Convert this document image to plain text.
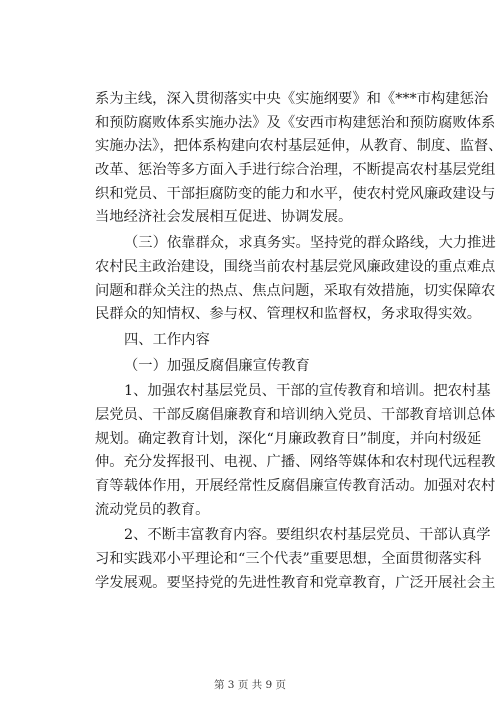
系为主线，深入贯彻落实中央《实施纲要》和《***市构建惩治
和预防腐败体系实施办法》及《安西市构建惩治和预防腐败体系
实施办法》，把体系构建向农村基层延伸，从教育、制度、监督、
改革、惩治等多方面入手进行综合治理，不断提高农村基层党组
织和党员、干部拒腐防变的能力和水平，使农村党风廉政建设与
当地经济社会发展相互促进、协调发展。
（三）依靠群众，求真务实。坚持党的群众路线，大力推进
农村民主政治建设，围绕当前农村基层党风廉政建设的重点难点
问题和群众关注的热点、焦点问题，采取有效措施，切实保障农
民群众的知情权、参与权、管理权和监督权，务求取得实效。
四、工作内容
（一）加强反腐倡廉宣传教育
1、加强农村基层党员、干部的宣传教育和培训。把农村基
层党员、干部反腐倡廉教育和培训纳入党员、干部教育培训总体
规划。确定教育计划，深化“月廉政教育日”制度，并向村级延
伸。充分发挥报刊、电视、广播、网络等媒体和农村现代远程教
育等载体作用，开展经常性反腐倡廉宣传教育活动。加强对农村
流动党员的教育。
2、不断丰富教育内容。要组织农村基层党员、干部认真学
习和实践邓小平理论和“三个代表”重要思想，全面贯彻落实科
学发展观。要坚持党的先进性教育和党章教育，广泛开展社会主
第 3 页 共 9 页
